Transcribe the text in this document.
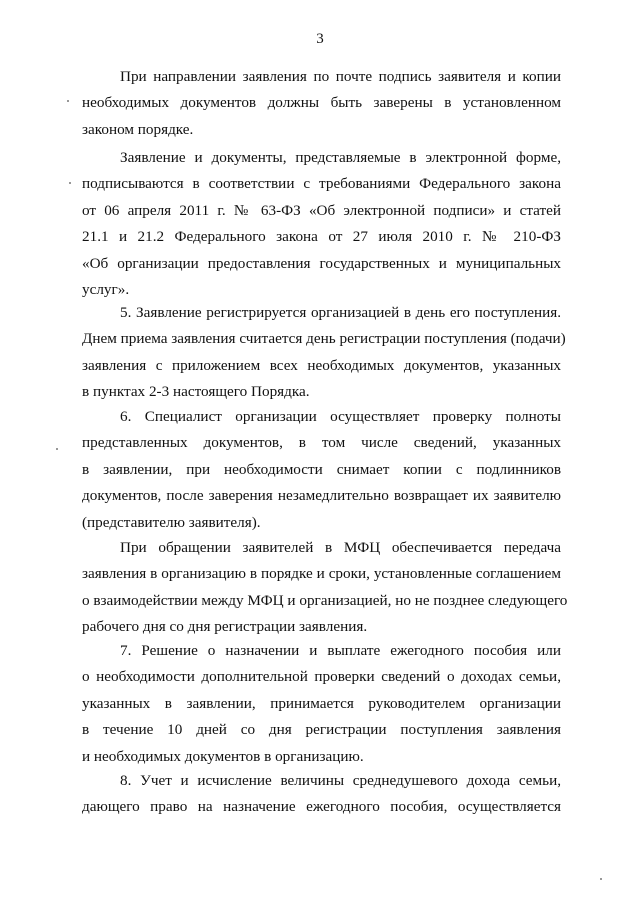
3
При направлении заявления по почте подпись заявителя и копии
необходимых документов должны быть заверены в установленном
законом порядке.
Заявление и документы, представляемые в электронной форме,
подписываются в соответствии с требованиями Федерального закона
от 06 апреля 2011 г. № 63-ФЗ «Об электронной подписи» и статей
21.1 и 21.2 Федерального закона от 27 июля 2010 г. № 210-ФЗ
«Об организации предоставления государственных и муниципальных
услуг».
5. Заявление регистрируется организацией в день его поступления.
Днем приема заявления считается день регистрации поступления (подачи)
заявления с приложением всех необходимых документов, указанных
в пунктах 2-3 настоящего Порядка.
6. Специалист организации осуществляет проверку полноты
представленных документов, в том числе сведений, указанных
в заявлении, при необходимости снимает копии с подлинников
документов, после заверения незамедлительно возвращает их заявителю
(представителю заявителя).
При обращении заявителей в МФЦ обеспечивается передача
заявления в организацию в порядке и сроки, установленные соглашением
о взаимодействии между МФЦ и организацией, но не позднее следующего
рабочего дня со дня регистрации заявления.
7. Решение о назначении и выплате ежегодного пособия или
о необходимости дополнительной проверки сведений о доходах семьи,
указанных в заявлении, принимается руководителем организации
в течение 10 дней со дня регистрации поступления заявления
и необходимых документов в организацию.
8. Учет и исчисление величины среднедушевого дохода семьи,
дающего право на назначение ежегодного пособия, осуществляется
